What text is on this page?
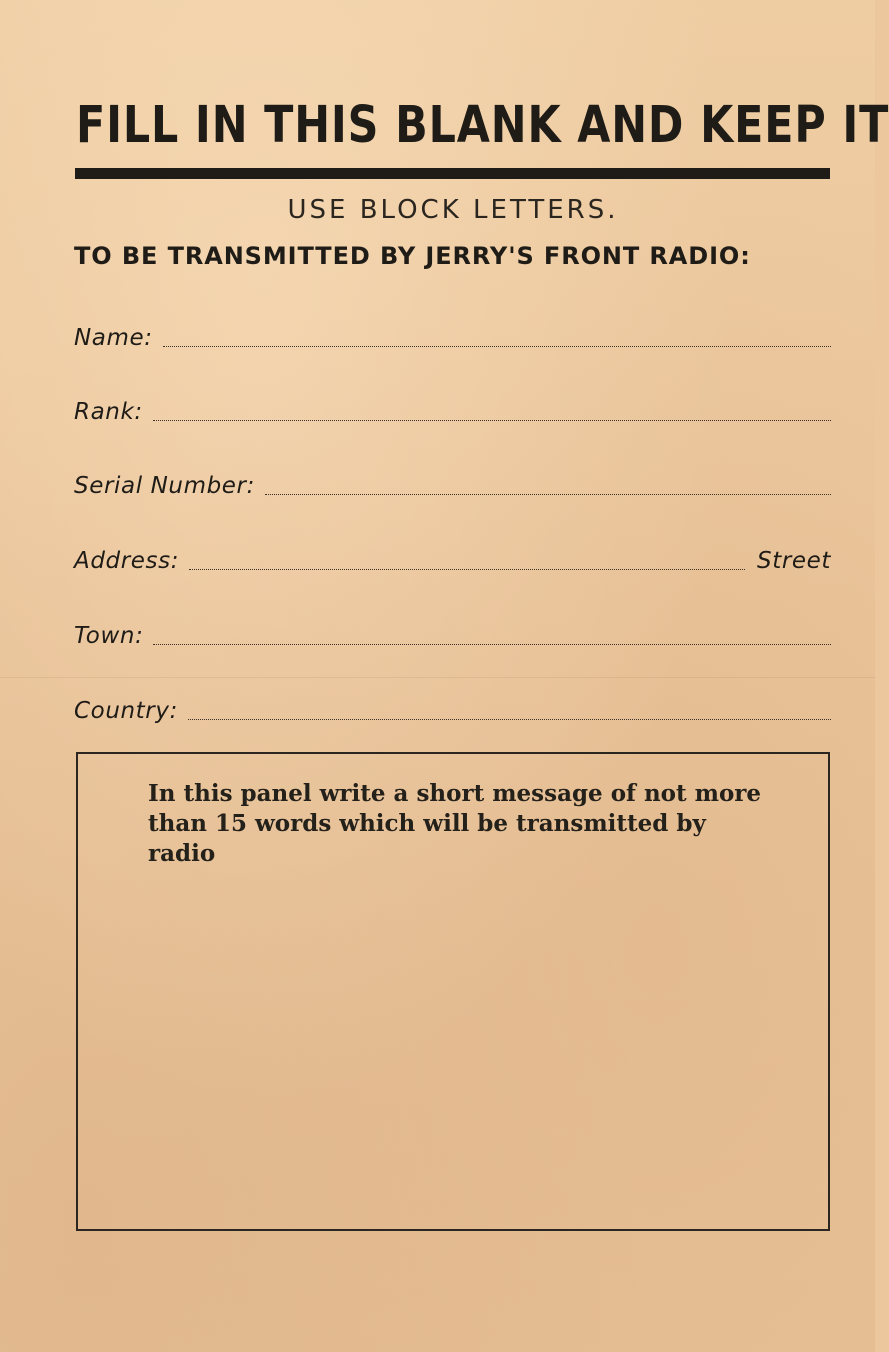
FILL IN THIS BLANK AND KEEP IT
USE BLOCK LETTERS.
TO BE TRANSMITTED BY JERRY'S FRONT RADIO:
Name:
Rank:
Serial Number:
Address:	Street
Town:
Country:
In this panel write a short message of not more
than 15 words which will be transmitted by radio
